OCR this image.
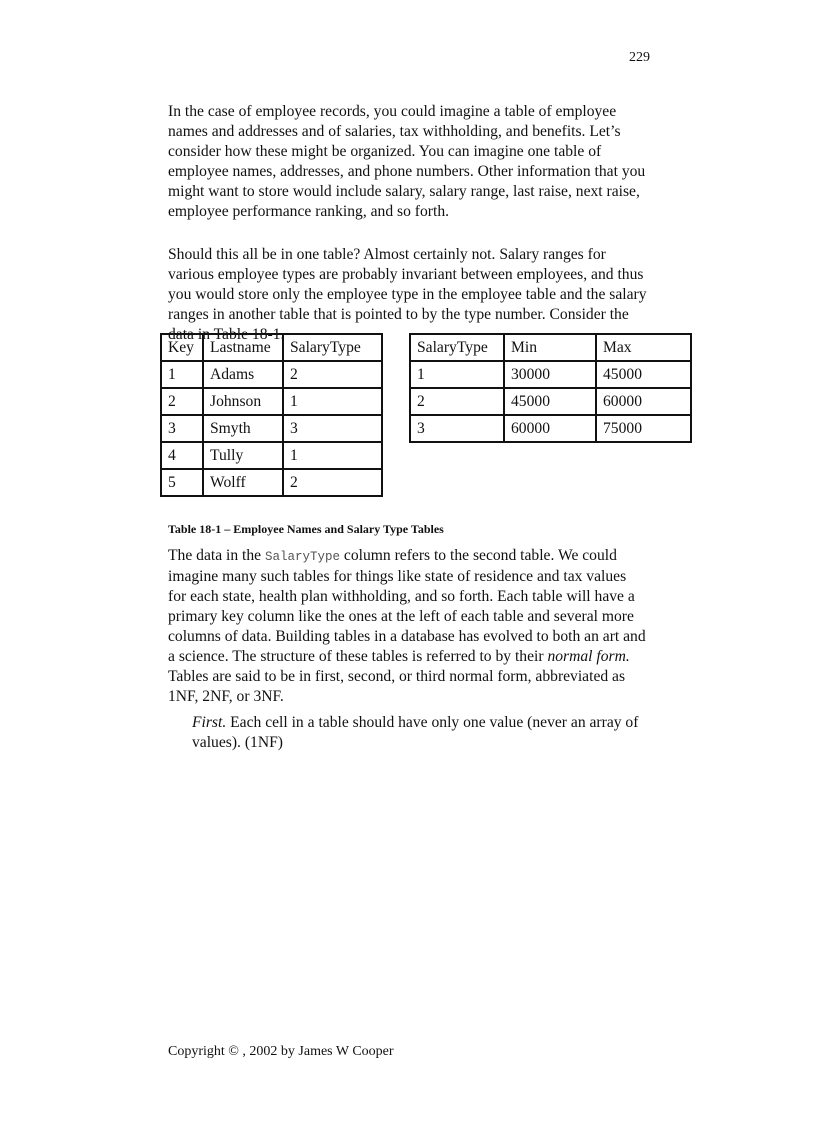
229

In the case of employee records, you could imagine a table of employee names and addresses and of salaries, tax withholding, and benefits. Let’s consider how these might be organized. You can imagine one table of employee names, addresses, and phone numbers. Other information that you might want to store would include salary, salary range, last raise, next raise, employee performance ranking, and so forth.

Should this all be in one table? Almost certainly not. Salary ranges for various employee types are probably invariant between employees, and thus you would store only the employee type in the employee table and the salary ranges in another table that is pointed to by the type number. Consider the data in Table 18-1.

Key	Lastname	SalaryType
1	Adams	2
2	Johnson	1
3	Smyth	3
4	Tully	1
5	Wolff	2
SalaryType	Min	Max
1	30000	45000
2	45000	60000
3	60000	75000

Table 18-1 – Employee Names and Salary Type Tables

The data in the SalaryType column refers to the second table. We could imagine many such tables for things like state of residence and tax values for each state, health plan withholding, and so forth. Each table will have a primary key column like the ones at the left of each table and several more columns of data. Building tables in a database has evolved to both an art and a science. The structure of these tables is referred to by their normal form. Tables are said to be in first, second, or third normal form, abbreviated as 1NF, 2NF, or 3NF.

First. Each cell in a table should have only one value (never an array of values). (1NF)

Copyright © , 2002 by James W Cooper
